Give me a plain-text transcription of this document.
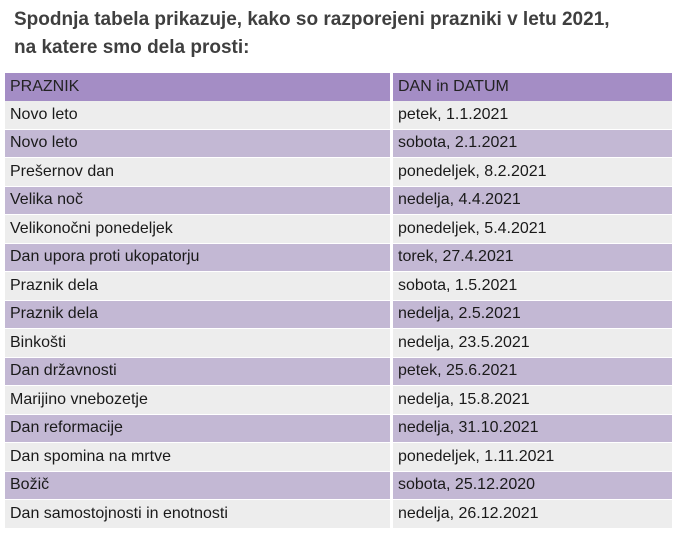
Spodnja tabela prikazuje, kako so razporejeni prazniki v letu 2021,
na katere smo dela prosti:
PRAZNIK	DAN in DATUM
Novo leto	petek, 1.1.2021
Novo leto	sobota, 2.1.2021
Prešernov dan	ponedeljek, 8.2.2021
Velika noč	nedelja, 4.4.2021
Velikonočni ponedeljek	ponedeljek, 5.4.2021
Dan upora proti ukopatorju	torek, 27.4.2021
Praznik dela	sobota, 1.5.2021
Praznik dela	nedelja, 2.5.2021
Binkošti	nedelja, 23.5.2021
Dan državnosti	petek, 25.6.2021
Marijino vnebozetje	nedelja, 15.8.2021
Dan reformacije	nedelja, 31.10.2021
Dan spomina na mrtve	ponedeljek, 1.11.2021
Božič	sobota, 25.12.2020
Dan samostojnosti in enotnosti	nedelja, 26.12.2021
